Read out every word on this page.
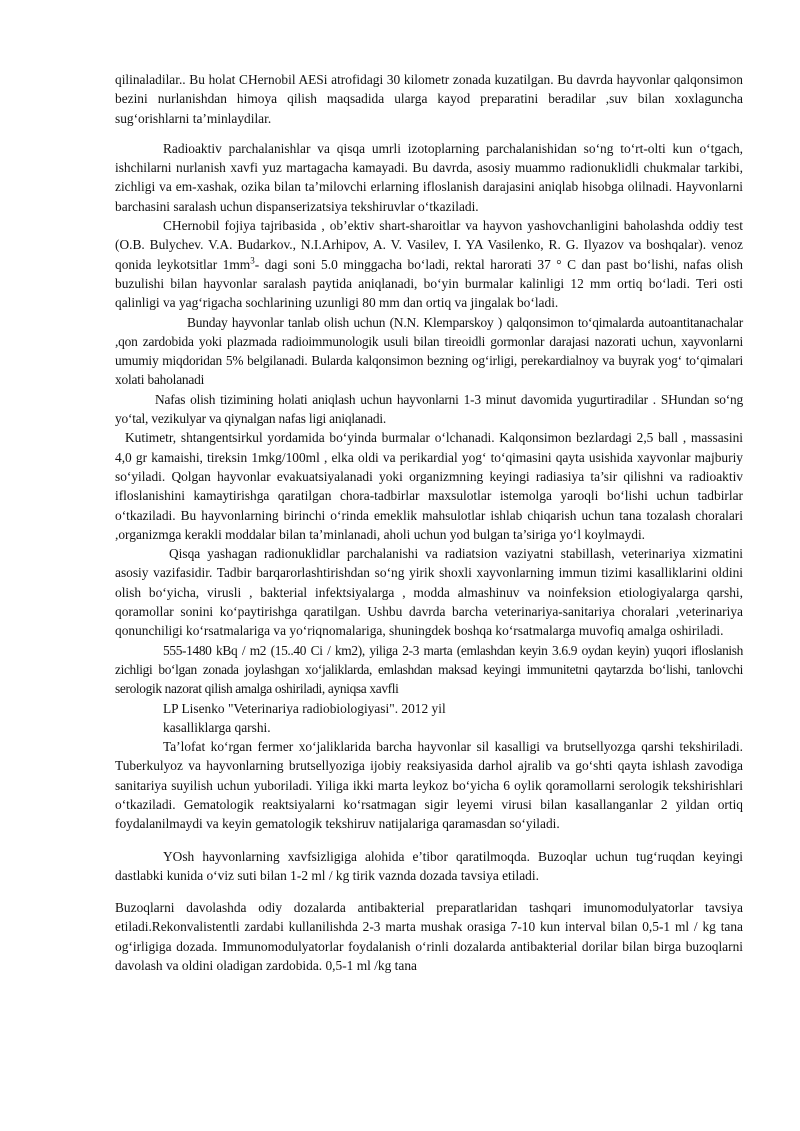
qilinaladilar.. Bu holat CHernobil AESi atrofidagi 30 kilometr zonada kuzatilgan. Bu davrda hayvonlar qalqonsimon bezini nurlanishdan himoya qilish maqsadida ularga kayod preparatini beradilar ,suv bilan xoxlaguncha sug‘orishlarni ta’minlaydilar.

Radioaktiv parchalanishlar va qisqa umrli izotoplarning parchalanishidan so‘ng to‘rt-olti kun o‘tgach, ishchilarni nurlanish xavfi yuz martagacha kamayadi. Bu davrda, asosiy muammo radionuklidli chukmalar tarkibi, zichligi va em-xashak, ozika bilan ta’milovchi erlarning ifloslanish darajasini aniqlab hisobga olilnadi. Hayvonlarni barchasini saralash uchun dispanserizatsiya tekshiruvlar o‘tkaziladi.

CHernobil fojiya tajribasida , ob’ektiv shart-sharoitlar va hayvon yashovchanligini baholashda oddiy test (O.B. Bulychev. V.A. Budarkov., N.I.Arhipov, A. V. Vasilev, I. YA Vasilenko, R. G. Ilyazov va boshqalar). venoz qonida leykotsitlar $1mm^3-$ dagi soni 5.0 minggacha bo‘ladi, rektal harorati 37 ° C dan past bo‘lishi, nafas olish buzulishi bilan hayvonlar saralash paytida aniqlanadi, bo‘yin burmalar kalinligi 12 mm ortiq bo‘ladi. Teri osti qalinligi va yag‘rigacha sochlarining uzunligi 80 mm dan ortiq va jingalak bo‘ladi.

Bunday hayvonlar tanlab olish uchun (N.N. Klemparskoy ) qalqonsimon to‘qimalarda autoantitanachalar ,qon zardobida yoki plazmada radioimmunologik usuli bilan tireoidli gormonlar darajasi nazorati uchun, xayvonlarni umumiy miqdoridan 5% belgilanadi. Bularda kalqonsimon bezning og‘irligi, perekardialnoy va buyrak yog‘ to‘qimalari xolati baholanadi

Nafas olish tizimining holati aniqlash uchun hayvonlarni 1-3 minut davomida yugurtiradilar . SHundan so‘ng yo‘tal, vezikulyar va qiynalgan nafas ligi aniqlanadi.

Kutimetr, shtangentsirkul yordamida bo‘yinda burmalar o‘lchanadi. Kalqonsimon bezlardagi 2,5 ball , massasini 4,0 gr kamaishi, tireksin 1mkg/100ml , elka oldi va perikardial yog‘ to‘qimasini qayta usishida xayvonlar majburiy so‘yiladi. Qolgan hayvonlar evakuatsiyalanadi yoki organizmning keyingi radiasiya ta’sir qilishni va radioaktiv ifloslanishini kamaytirishga qaratilgan chora-tadbirlar maxsulotlar istemolga yaroqli bo‘lishi uchun tadbirlar o‘tkaziladi. Bu hayvonlarning birinchi o‘rinda emeklik mahsulotlar ishlab chiqarish uchun tana tozalash choralari ,organizmga kerakli moddalar bilan ta’minlanadi, aholi uchun yod bulgan ta’siriga yo‘l koylmaydi.

Qisqa yashagan radionuklidlar parchalanishi va radiatsion vaziyatni stabillash, veterinariya xizmatini asosiy vazifasidir. Tadbir barqarorlashtirishdan so‘ng yirik shoxli xayvonlarning immun tizimi kasalliklarini oldini olish bo‘yicha, virusli , bakterial infektsiyalarga , modda almashinuv va noinfeksion etiologiyalarga qarshi, qoramollar sonini ko‘paytirishga qaratilgan. Ushbu davrda barcha veterinariya-sanitariya choralari ,veterinariya qonunchiligi ko‘rsatmalariga va yo‘riqnomalariga, shuningdek boshqa ko‘rsatmalarga muvofiq amalga oshiriladi.

555-1480 kBq / m2 (15..40 Ci / km2), yiliga 2-3 marta (emlashdan keyin 3.6.9 oydan keyin) yuqori ifloslanish zichligi bo‘lgan zonada joylashgan xo‘jaliklarda, emlashdan maksad keyingi immunitetni qaytarzda bo‘lishi, tanlovchi serologik nazorat qilish amalga oshiriladi, ayniqsa xavfli

LP Lisenko "Veterinariya radiobiologiyasi". 2012 yil

kasalliklarga qarshi.

Ta’lofat ko‘rgan fermer xo‘jaliklarida barcha hayvonlar sil kasalligi va brutsellyozga qarshi tekshiriladi. Tuberkulyoz va hayvonlarning brutsellyoziga ijobiy reaksiyasida darhol ajralib va go‘shti qayta ishlash zavodiga sanitariya suyilish uchun yuboriladi. Yiliga ikki marta leykoz bo‘yicha 6 oylik qoramollarni serologik tekshirishlari o‘tkaziladi. Gematologik reaktsiyalarni ko‘rsatmagan sigir leyemi virusi bilan kasallanganlar 2 yildan ortiq foydalanilmaydi va keyin gematologik tekshiruv natijalariga qaramasdan so‘yiladi.

YOsh hayvonlarning xavfsizligiga alohida e’tibor qaratilmoqda. Buzoqlar uchun tug‘ruqdan keyingi dastlabki kunida o‘viz suti bilan 1-2 ml / kg tirik vaznda dozada tavsiya etiladi.

Buzoqlarni davolashda odiy dozalarda antibakterial preparatlaridan tashqari imunomodulyatorlar tavsiya etiladi.Rekonvalistentli zardabi kullanilishda 2-3 marta mushak orasiga 7-10 kun interval bilan 0,5-1 ml / kg tana og‘irligiga dozada. Immunomodulyatorlar foydalanish o‘rinli dozalarda antibakterial dorilar bilan birga buzoqlarni davolash va oldini oladigan zardobida. 0,5-1 ml /kg tana
